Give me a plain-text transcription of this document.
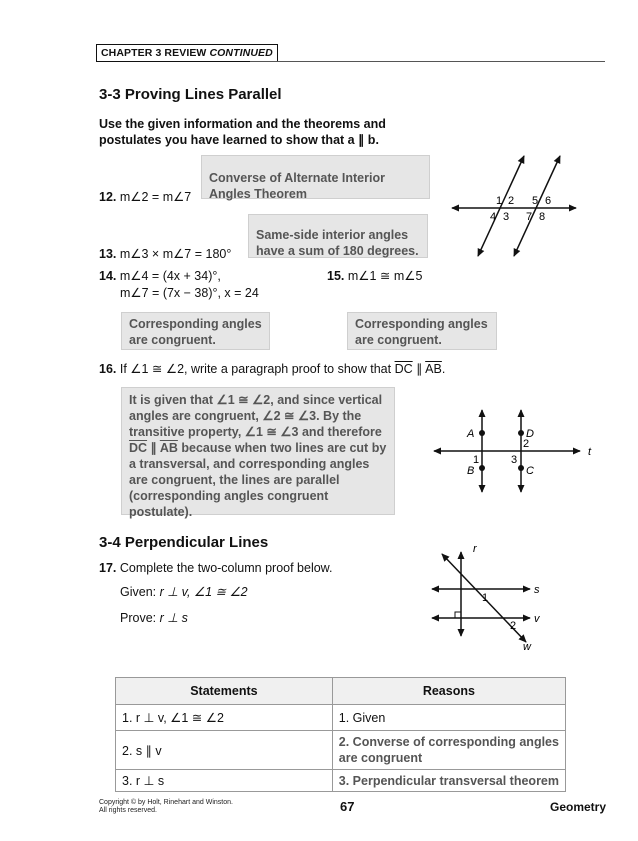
CHAPTER 3 REVIEW CONTINUED
3-3 Proving Lines Parallel
Use the given information and the theorems and postulates you have learned to show that a ∥ b.
Converse of Alternate Interior Angles Theorem
12. m∠2 = m∠7
Same-side interior angles have a sum of 180 degrees.
13. m∠3 × m∠7 = 180°
1 2 5 6
4 3 7 8
14. m∠4 = (4x + 34)°,
m∠7 = (7x − 38)°, x = 24
Corresponding angles are congruent.
15. m∠1 ≅ m∠5
Corresponding angles are congruent.
16. If ∠1 ≅ ∠2, write a paragraph proof to show that $\overline{DC}$ ∥ $\overline{AB}$.
It is given that ∠1 ≅ ∠2, and since vertical angles are congruent, ∠2 ≅ ∠3. By the transitive property, ∠1 ≅ ∠3 and therefore $\overline{DC}$ ∥ $\overline{AB}$ because when two lines are cut by a transversal, and corresponding angles are congruent, the lines are parallel (corresponding angles congruent postulate).
A	D
2
1	3
B	C
t
3-4 Perpendicular Lines
17. Complete the two-column proof below.
Given: r ⊥ v, ∠1 ≅ ∠2
Prove: r ⊥ s
r
s
1
v
2
w
Statements	Reasons
1. r ⊥ v, ∠1 ≅ ∠2	1. Given
2. s ∥ v	2. Converse of corresponding angles are congruent
3. r ⊥ s	3. Perpendicular transversal theorem
Copyright © by Holt, Rinehart and Winston.
All rights reserved.	67	Geometry
